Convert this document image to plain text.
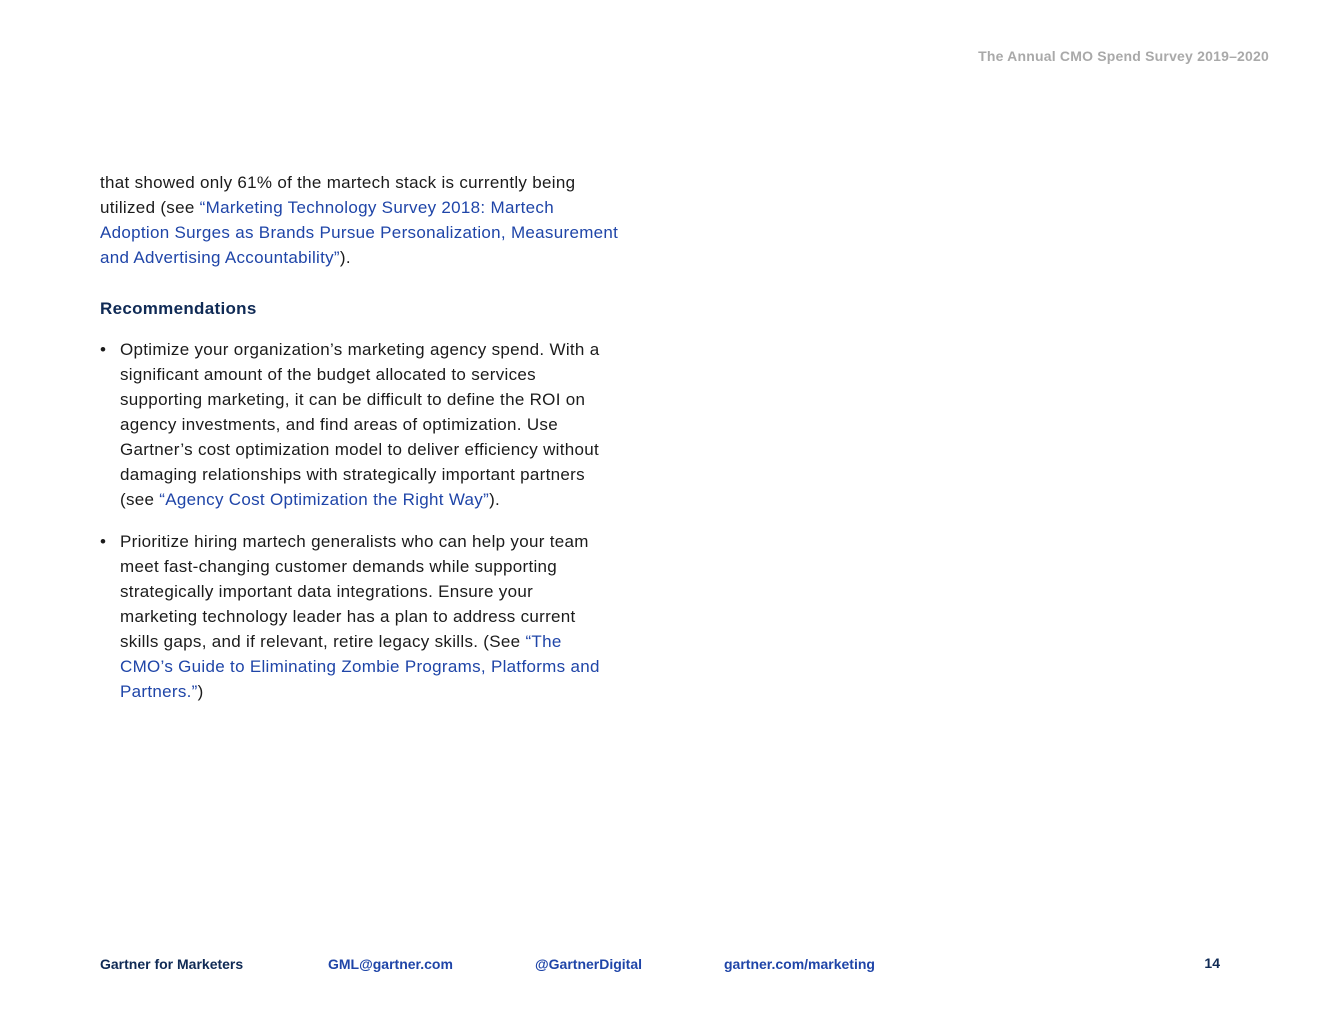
The Annual CMO Spend Survey 2019–2020

that showed only 61% of the martech stack is currently being utilized (see “Marketing Technology Survey 2018: Martech Adoption Surges as Brands Pursue Personalization, Measurement and Advertising Accountability”).

Recommendations
• Optimize your organization’s marketing agency spend. With a significant amount of the budget allocated to services supporting marketing, it can be difficult to define the ROI on agency investments, and find areas of optimization. Use Gartner’s cost optimization model to deliver efficiency without damaging relationships with strategically important partners (see “Agency Cost Optimization the Right Way”).
• Prioritize hiring martech generalists who can help your team meet fast-changing customer demands while supporting strategically important data integrations. Ensure your marketing technology leader has a plan to address current skills gaps, and if relevant, retire legacy skills. (See “The CMO’s Guide to Eliminating Zombie Programs, Platforms and Partners.”)
Gartner for Marketers	GML@gartner.com	@GartnerDigital	gartner.com/marketing	14
